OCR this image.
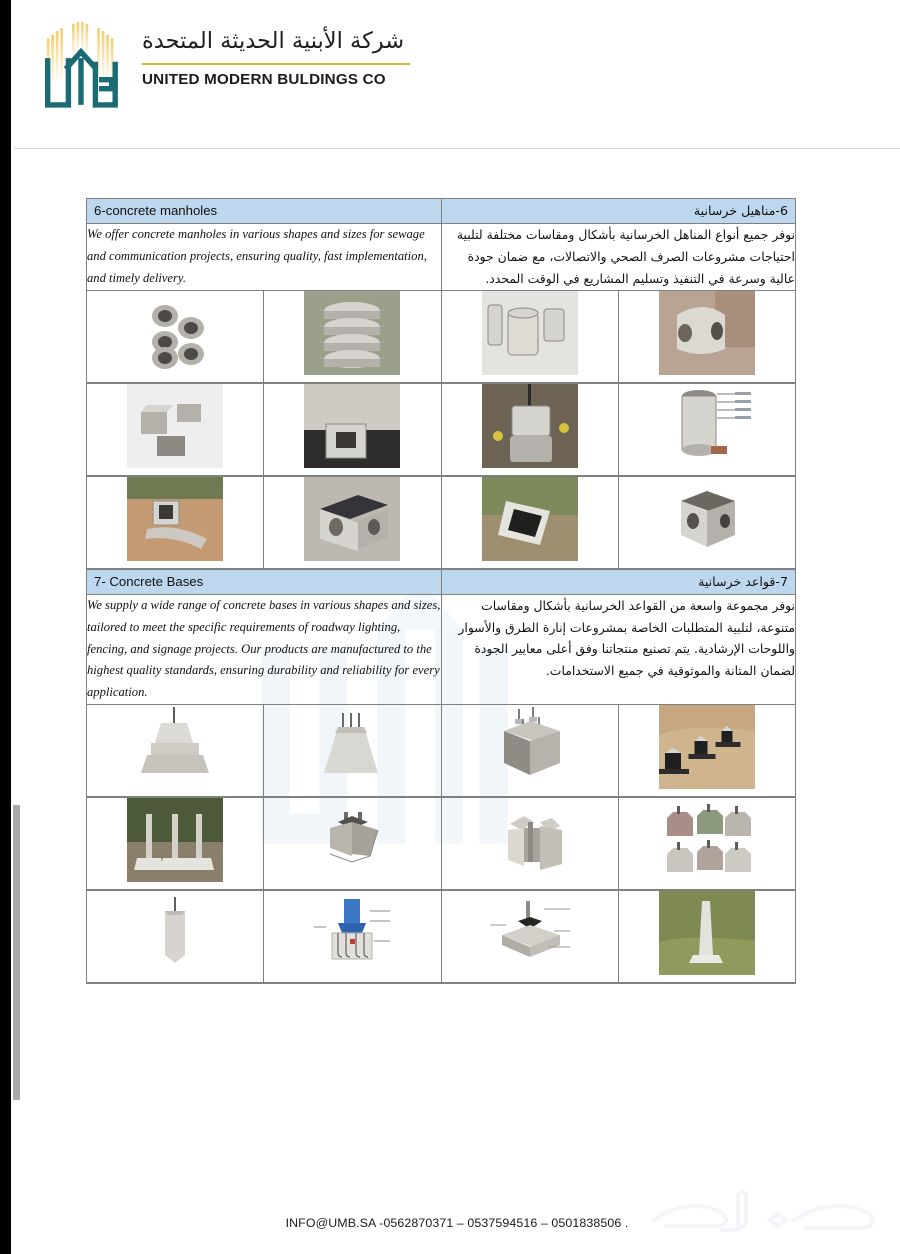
شركة الأبنية الحديثة المتحدة
UNITED MODERN BULDINGS CO
6-concrete manholes		6-مناهيل خرسانية	

We offer concrete manholes in various shapes and sizes for sewage and communication projects, ensuring quality, fast implementation, and timely delivery.		نوفر جميع أنواع المناهل الخرسانية بأشكال ومقاسات مختلفة لتلبية احتياجات مشروعات الصرف الصحي والاتصالات، مع ضمان جودة عالية وسرعة في التنفيذ وتسليم المشاريع في الوقت المحدد.	

7- Concrete Bases		7-قواعد خرسانية	

We supply a wide range of concrete bases in various shapes and sizes, tailored to meet the specific requirements of roadway lighting, fencing, and signage projects. Our products are manufactured to the highest quality standards, ensuring durability and reliability for every application.	نوفر مجموعة واسعة من القواعد الخرسانية بأشكال ومقاسات متنوعة، لتلبية المتطلبات الخاصة بمشروعات إنارة الطرق والأسوار واللوحات الإرشادية. يتم تصنيع منتجاتنا وفق أعلى معايير الجودة لضمان المتانة والموثوقية في جميع الاستخدامات.

INFO@UMB.SA -0562870371 – 0537594516 – 0501838506 .
